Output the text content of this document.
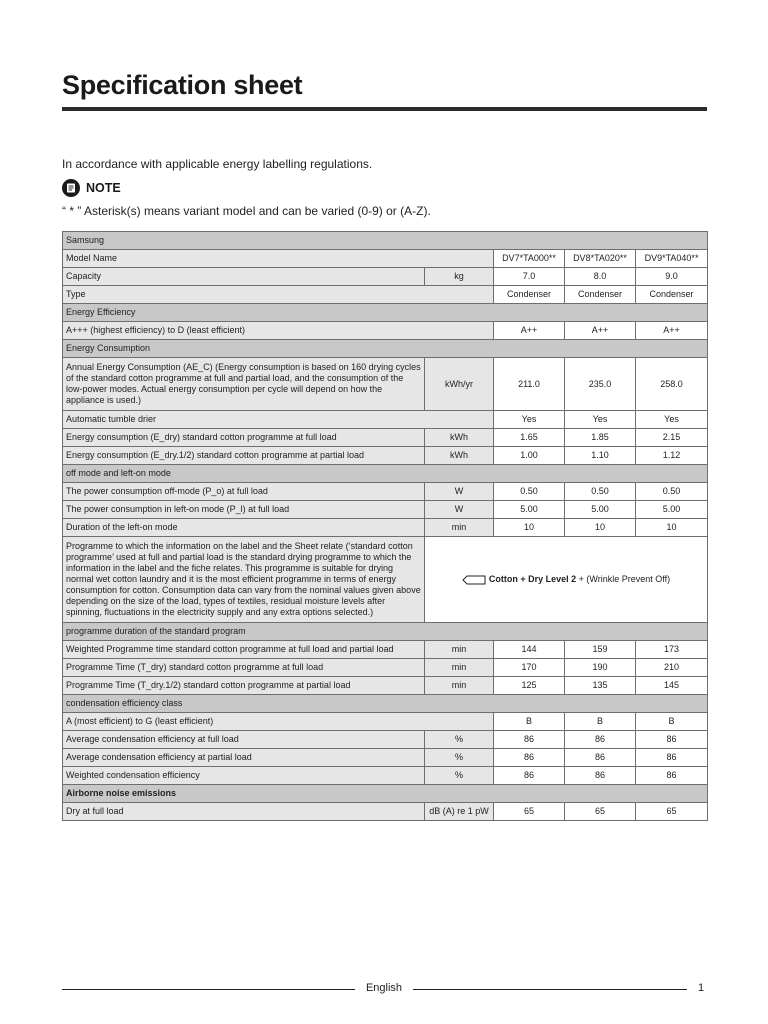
Specification sheet
In accordance with applicable energy labelling regulations.
NOTE
“ * ” Asterisk(s) means variant model and can be varied (0-9) or (A-Z).
Samsung				
Model Name		DV7*TA000**	DV8*TA020**	DV9*TA040**
Capacity	kg	7.0	8.0	9.0
Type		Condenser	Condenser	Condenser
Energy Efficiency				
A+++ (highest efficiency) to D (least efficient)		A++	A++	A++
Energy Consumption				
Annual Energy Consumption (AE_C) (Energy consumption is based on 160 drying cycles of the standard cotton programme at full and partial load, and the consumption of the low-power modes. Actual energy consumption per cycle will depend on how the appliance is used.)	kWh/yr	211.0	235.0	258.0
Automatic tumble drier		Yes	Yes	Yes
Energy consumption (E_dry) standard cotton programme at full load	kWh	1.65	1.85	2.15
Energy consumption (E_dry.1/2) standard cotton programme at partial load	kWh	1.00	1.10	1.12
off mode and left-on mode				
The power consumption off-mode (P_o) at full load	W	0.50	0.50	0.50
The power consumption in left-on mode (P_l) at full load	W	5.00	5.00	5.00
Duration of the left-on mode	min	10	10	10
Programme to which the information on the label and the Sheet relate (‘standard cotton programme’ used at full and partial load is the standard drying programme to which the information in the label and the fiche relates. This programme is suitable for drying normal wet cotton laundry and it is the most efficient programme in terms of energy consumption for cotton. Consumption data can vary from the nominal values given above depending on the size of the load, types of textiles, residual moisture levels after spinning, fluctuations in the electricity supply and any extra options selected.)	Cotton + Dry Level 2 + (Wrinkle Prevent Off)			

programme duration of the standard program				
Weighted Programme time standard cotton programme at full load and partial load	min	144	159	173
Programme Time (T_dry) standard cotton programme at full load	min	170	190	210
Programme Time (T_dry.1/2) standard cotton programme at partial load	min	125	135	145
condensation efficiency class				
A (most efficient) to G (least efficient)		B	B	B
Average condensation efficiency at full load	%	86	86	86
Average condensation efficiency at partial load	%	86	86	86
Weighted condensation efficiency	%	86	86	86
Airborne noise emissions				
Dry at full load	dB (A) re 1 pW	65	65	65
English	1
